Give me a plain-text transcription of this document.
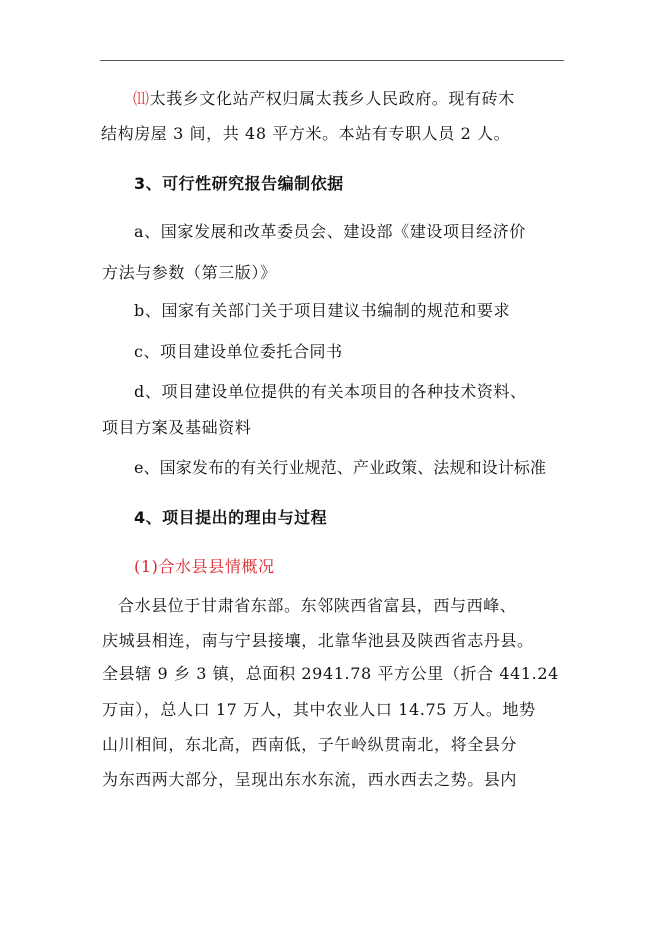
⑾太莪乡文化站产权归属太莪乡人民政府。现有砖木
结构房屋 3 间，共 48 平方米。本站有专职人员 2 人。
3、可行性研究报告编制依据
a、国家发展和改革委员会、建设部《建设项目经济价
方法与参数（第三版）》
b、国家有关部门关于项目建议书编制的规范和要求
c、项目建设单位委托合同书
d、项目建设单位提供的有关本项目的各种技术资料、
项目方案及基础资料
e、国家发布的有关行业规范、产业政策、法规和设计标准
4、项目提出的理由与过程
(1)合水县县情概况
合水县位于甘肃省东部。东邻陕西省富县，西与西峰、
庆城县相连，南与宁县接壤，北靠华池县及陕西省志丹县。
全县辖 9 乡 3 镇，总面积 2941.78 平方公里（折合 441.24
万亩），总人口 17 万人，其中农业人口 14.75 万人。地势
山川相间，东北高，西南低，子午岭纵贯南北，将全县分
为东西两大部分，呈现出东水东流，西水西去之势。县内
